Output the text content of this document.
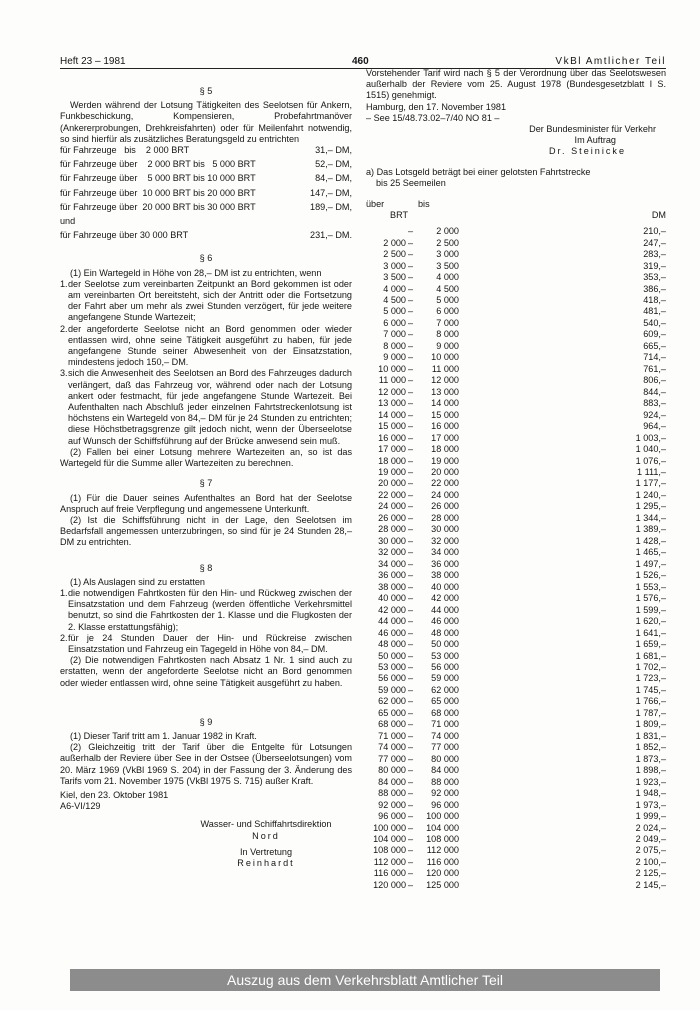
Heft 23 – 1981	460	VkBl Amtlicher Teil
§ 5

Werden während der Lotsung Tätigkeiten des Seelotsen für Ankern, Funkbeschickung, Kompensieren, Probefahrtmanöver (Ankererprobungen, Drehkreisfahrten) oder für Meilenfahrt notwendig, so sind hierfür als zusätzliches Beratungsgeld zu entrichten

für Fahrzeuge   bis    2 000 BRT	31,– DM,
für Fahrzeuge über    2 000 BRT bis   5 000 BRT	52,– DM,
für Fahrzeuge über    5 000 BRT bis 10 000 BRT	84,– DM,
für Fahrzeuge über  10 000 BRT bis 20 000 BRT	147,– DM,
für Fahrzeuge über  20 000 BRT bis 30 000 BRT	189,– DM,
und
für Fahrzeuge über 30 000 BRT	231,– DM.
§ 6

(1) Ein Wartegeld in Höhe von 28,– DM ist zu entrichten, wenn

1. der Seelotse zum vereinbarten Zeitpunkt an Bord gekommen ist oder am vereinbarten Ort bereitsteht, sich der Antritt oder die Fortsetzung der Fahrt aber um mehr als zwei Stunden verzögert, für jede weitere angefangene Stunde Wartezeit;
2. der angeforderte Seelotse nicht an Bord genommen oder wieder entlassen wird, ohne seine Tätigkeit ausgeführt zu haben, für jede angefangene Stunde seiner Abwesenheit von der Einsatzstation, mindestens jedoch 150,– DM.
3. sich die Anwesenheit des Seelotsen an Bord des Fahrzeuges dadurch verlängert, daß das Fahrzeug vor, während oder nach der Lotsung ankert oder festmacht, für jede angefangene Stunde Wartezeit. Bei Aufenthalten nach Abschluß jeder einzelnen Fahrtstreckenlotsung ist höchstens ein Wartegeld von 84,– DM für je 24 Stunden zu entrichten; diese Höchstbetragsgrenze gilt jedoch nicht, wenn der Überseelotse auf Wunsch der Schiffsführung auf der Brücke anwesend sein muß.

(2) Fallen bei einer Lotsung mehrere Wartezeiten an, so ist das Wartegeld für die Summe aller Wartezeiten zu berechnen.

§ 7

(1) Für die Dauer seines Aufenthaltes an Bord hat der Seelotse Anspruch auf freie Verpflegung und angemessene Unterkunft.

(2) Ist die Schiffsführung nicht in der Lage, den Seelotsen im Bedarfsfall angemessen unterzubringen, so sind für je 24 Stunden 28,– DM zu entrichten.

§ 8

(1) Als Auslagen sind zu erstatten

1. die notwendigen Fahrtkosten für den Hin- und Rückweg zwischen der Einsatzstation und dem Fahrzeug (werden öffentliche Verkehrsmittel benutzt, so sind die Fahrtkosten der 1. Klasse und die Flugkosten der 2. Klasse erstattungsfähig);
2. für je 24 Stunden Dauer der Hin- und Rückreise zwischen Einsatzstation und Fahrzeug ein Tagegeld in Höhe von 84,– DM.

(2) Die notwendigen Fahrtkosten nach Absatz 1 Nr. 1 sind auch zu erstatten, wenn der angeforderte Seelotse nicht an Bord genommen oder wieder entlassen wird, ohne seine Tätigkeit ausgeführt zu haben.

§ 9

(1) Dieser Tarif tritt am 1. Januar 1982 in Kraft.

(2) Gleichzeitig tritt der Tarif über die Entgelte für Lotsungen außerhalb der Reviere über See in der Ostsee (Überseelotsungen) vom 20. März 1969 (VkBl 1969 S. 204) in der Fassung der 3. Änderung des Tarifs vom 21. November 1975 (VkBl 1975 S. 715) außer Kraft.

Kiel, den 23. Oktober 1981
A6-VI/129
Wasser- und Schiffahrtsdirektion
Nord
In Vertretung
Reinhardt

Vorstehender Tarif wird nach § 5 der Verordnung über das Seelotswesen außerhalb der Reviere vom 25. August 1978 (Bundesgesetzblatt I S. 1515) genehmigt.

Hamburg, den 17. November 1981
– See 15/48.73.02–7/40 NO 81 –
Der Bundesminister für Verkehr
Im Auftrag
Dr. Steinicke
a) Das Lotsgeld beträgt bei einer gelotsten Fahrtstrecke
bis 25 Seemeilen
über	bis
BRT	DM
–	2 000	210,–
2 000 –	2 500	247,–
2 500 –	3 000	283,–
3 000 –	3 500	319,–
3 500 –	4 000	353,–
4 000 –	4 500	386,–
4 500 –	5 000	418,–
5 000 –	6 000	481,–
6 000 –	7 000	540,–
7 000 –	8 000	609,–
8 000 –	9 000	665,–
9 000 –	10 000	714,–
10 000 –	11 000	761,–
11 000 –	12 000	806,–
12 000 –	13 000	844,–
13 000 –	14 000	883,–
14 000 –	15 000	924,–
15 000 –	16 000	964,–
16 000 –	17 000	1 003,–
17 000 –	18 000	1 040,–
18 000 –	19 000	1 076,–
19 000 –	20 000	1 111,–
20 000 –	22 000	1 177,–
22 000 –	24 000	1 240,–
24 000 –	26 000	1 295,–
26 000 –	28 000	1 344,–
28 000 –	30 000	1 389,–
30 000 –	32 000	1 428,–
32 000 –	34 000	1 465,–
34 000 –	36 000	1 497,–
36 000 –	38 000	1 526,–
38 000 –	40 000	1 553,–
40 000 –	42 000	1 576,–
42 000 –	44 000	1 599,–
44 000 –	46 000	1 620,–
46 000 –	48 000	1 641,–
48 000 –	50 000	1 659,–
50 000 –	53 000	1 681,–
53 000 –	56 000	1 702,–
56 000 –	59 000	1 723,–
59 000 –	62 000	1 745,–
62 000 –	65 000	1 766,–
65 000 –	68 000	1 787,–
68 000 –	71 000	1 809,–
71 000 –	74 000	1 831,–
74 000 –	77 000	1 852,–
77 000 –	80 000	1 873,–
80 000 –	84 000	1 898,–
84 000 –	88 000	1 923,–
88 000 –	92 000	1 948,–
92 000 –	96 000	1 973,–
96 000 –	100 000	1 999,–
100 000 –	104 000	2 024,–
104 000 –	108 000	2 049,–
108 000 –	112 000	2 075,–
112 000 –	116 000	2 100,–
116 000 –	120 000	2 125,–
120 000 –	125 000	2 145,–
Auszug aus dem Verkehrsblatt Amtlicher Teil
